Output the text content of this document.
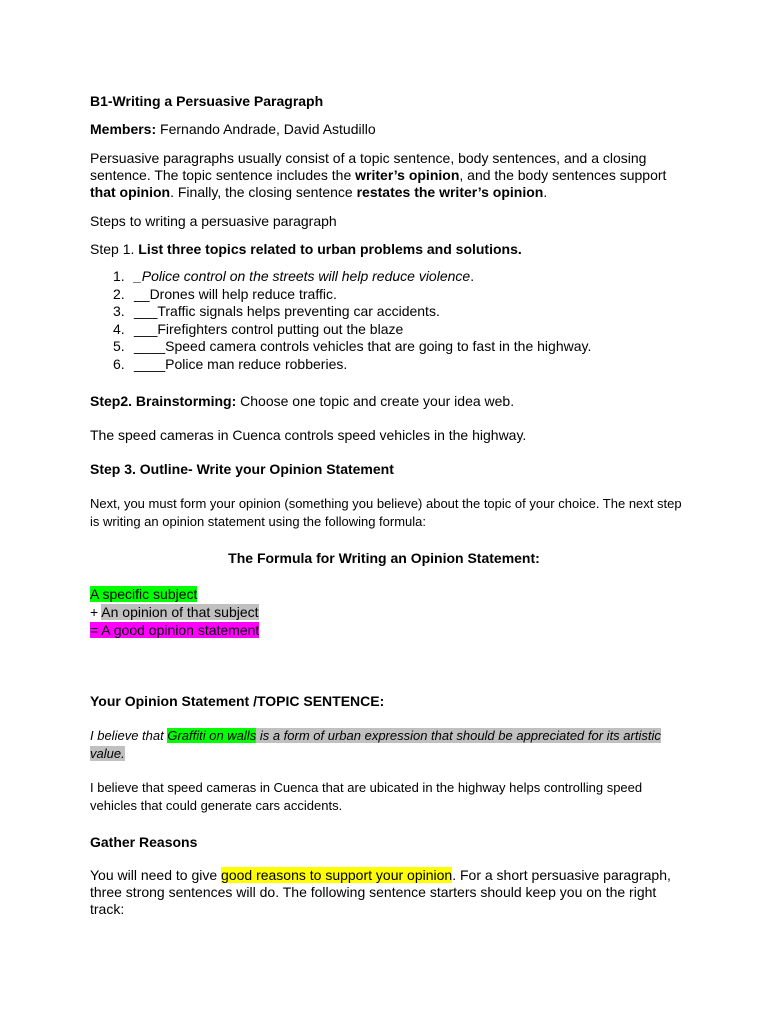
B1-Writing a Persuasive Paragraph

Members: Fernando Andrade, David Astudillo

Persuasive paragraphs usually consist of a topic sentence, body sentences, and a closing sentence. The topic sentence includes the writer’s opinion, and the body sentences support that opinion. Finally, the closing sentence restates the writer’s opinion.

Steps to writing a persuasive paragraph

Step 1. List three topics related to urban problems and solutions.

1. _Police control on the streets will help reduce violence.
2. __Drones will help reduce traffic.
3. ___Traffic signals helps preventing car accidents.
4. ___Firefighters control putting out the blaze
5. ____Speed camera controls vehicles that are going to fast in the highway.
6. ____Police man reduce robberies.

Step2. Brainstorming: Choose one topic and create your idea web.

The speed cameras in Cuenca controls speed vehicles in the highway.

Step 3. Outline- Write your Opinion Statement

Next, you must form your opinion (something you believe) about the topic of your choice. The next step is writing an opinion statement using the following formula:

The Formula for Writing an Opinion Statement:

A specific subject
+ An opinion of that subject
= A good opinion statement

Your Opinion Statement /TOPIC SENTENCE:

I believe that Graffiti on walls is a form of urban expression that should be appreciated for its artistic value.

I believe that speed cameras in Cuenca that are ubicated in the highway helps controlling speed vehicles that could generate cars accidents.

Gather Reasons

You will need to give good reasons to support your opinion. For a short persuasive paragraph, three strong sentences will do. The following sentence starters should keep you on the right track:
